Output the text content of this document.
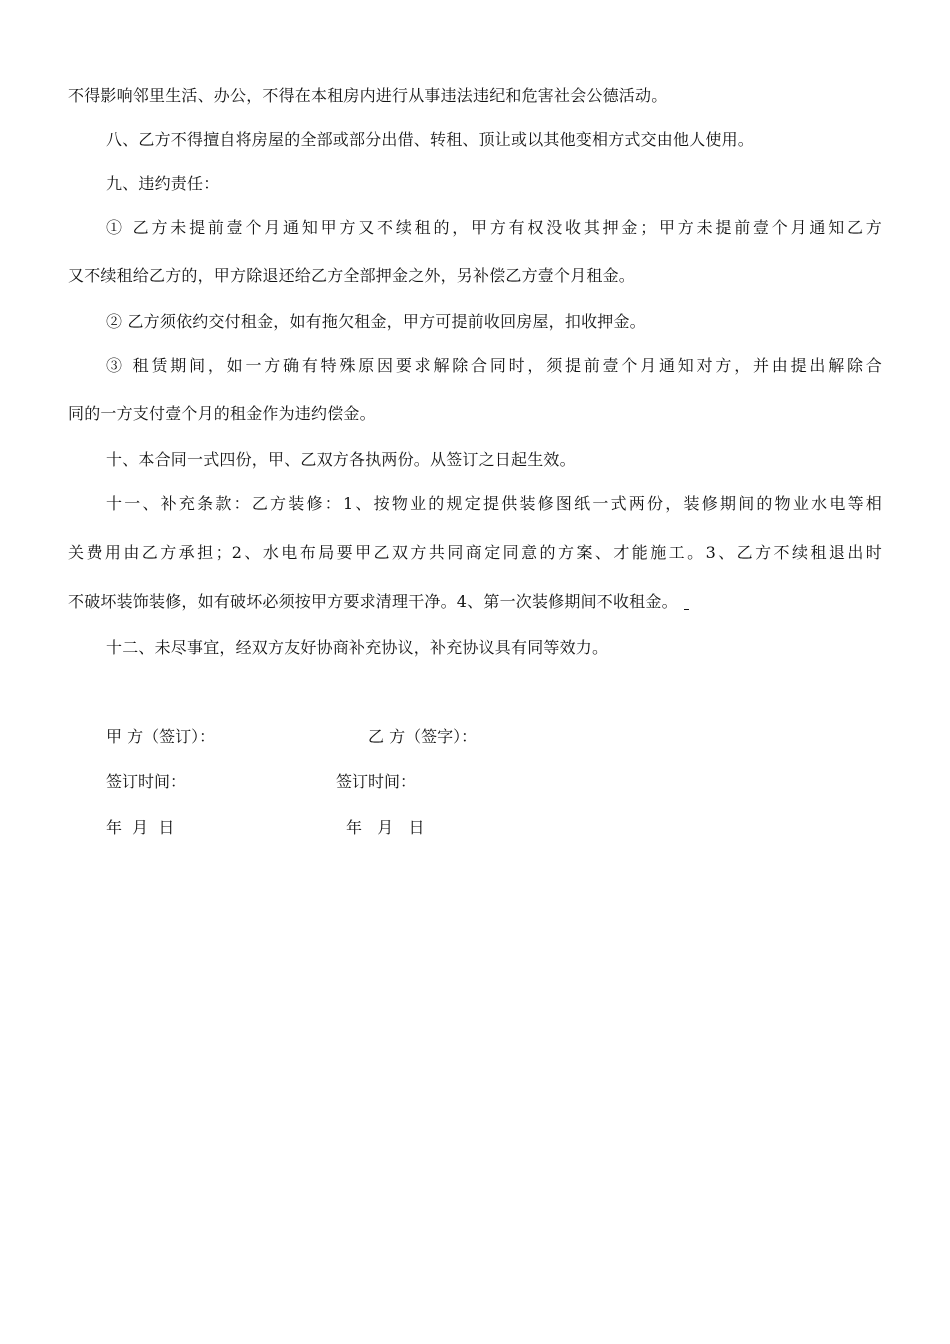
不得影响邻里生活、办公，不得在本租房内进行从事违法违纪和危害社会公德活动。
八、乙方不得擅自将房屋的全部或部分出借、转租、顶让或以其他变相方式交由他人使用。
九、违约责任：
① 乙方未提前壹个月通知甲方又不续租的，甲方有权没收其押金；甲方未提前壹个月通知乙方
又不续租给乙方的，甲方除退还给乙方全部押金之外，另补偿乙方壹个月租金。
② 乙方须依约交付租金，如有拖欠租金，甲方可提前收回房屋，扣收押金。
③ 租赁期间，如一方确有特殊原因要求解除合同时，须提前壹个月通知对方，并由提出解除合
同的一方支付壹个月的租金作为违约偿金。
十、本合同一式四份，甲、乙双方各执两份。从签订之日起生效。
十一、补充条款：乙方装修：1、按物业的规定提供装修图纸一式两份，装修期间的物业水电等相
关费用由乙方承担；2、水电布局要甲乙双方共同商定同意的方案、才能施工。3、乙方不续租退出时
不破坏装饰装修，如有破坏必须按甲方要求清理干净。4、第一次装修期间不收租金。
十二、未尽事宜，经双方友好协商补充协议，补充协议具有同等效力。
甲 方（签订）：	乙 方（签字）：
签订时间：	签订时间：
年  月  日	年   月   日
